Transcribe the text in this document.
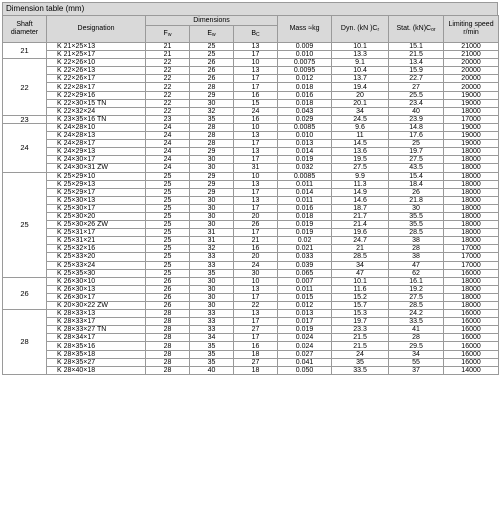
Dimension table (mm)
Shaft diameter	Designation	Dimensions			Mass ≈kg	Dyn. (kN )Cr	Stat. (kN)Cor	Limiting speed r/min
		Fw	Ew	BC				
21	K 21×25×13	21	25	13	0.009	10.1	15.1	21000
	K 21×25×17	21	25	17	0.010	13.3	21.5	21000
22	K 22×26×10	22	26	10	0.0075	9.1	13.4	20000
	K 22×26×13	22	26	13	0.0095	10.4	15.9	20000
	K 22×26×17	22	26	17	0.012	13.7	22.7	20000
	K 22×28×17	22	28	17	0.018	19.4	27	20000
	K 22×29×16	22	29	16	0.016	20	25.5	19000
	K 22×30×15 TN	22	30	15	0.018	20.1	23.4	19000
	K 22×32×24	22	32	24	0.043	34	40	18000
23	K 23×35×16 TN	23	35	16	0.029	24.5	23.9	17000
24	K 24×28×10	24	28	10	0.0085	9.6	14.8	19000
	K 24×28×13	24	28	13	0.010	11	17.6	19000
	K 24×28×17	24	28	17	0.013	14.5	25	19000
	K 24×29×13	24	29	13	0.014	13.6	19.7	18000
	K 24×30×17	24	30	17	0.019	19.5	27.5	18000
	K 24×30×31 ZW	24	30	31	0.032	27.5	43.5	18000
25	K 25×29×10	25	29	10	0.0085	9.9	15.4	18000
	K 25×29×13	25	29	13	0.011	11.3	18.4	18000
	K 25×29×17	25	29	17	0.014	14.9	26	18000
	K 25×30×13	25	30	13	0.011	14.6	21.8	18000
	K 25×30×17	25	30	17	0.016	18.7	30	18000
	K 25×30×20	25	30	20	0.018	21.7	35.5	18000
	K 25×30×26 ZW	25	30	26	0.019	21.4	35.5	18000
	K 25×31×17	25	31	17	0.019	19.6	28.5	18000
	K 25×31×21	25	31	21	0.02	24.7	38	18000
	K 25×32×16	25	32	16	0.021	21	28	17000
	K 25×33×20	25	33	20	0.033	28.5	38	17000
	K 25×33×24	25	33	24	0.039	34	47	17000
	K 25×35×30	25	35	30	0.065	47	62	16000
26	K 26×30×10	26	30	10	0.007	10.1	16.1	18000
	K 26×30×13	26	30	13	0.011	11.6	19.2	18000
	K 26×30×17	26	30	17	0.015	15.2	27.5	18000
	K 20×30×22 ZW	26	30	22	0.012	15.7	28.5	18000
28	K 28×33×13	28	33	13	0.013	15.3	24.2	16000
	K 28×33×17	28	33	17	0.017	19.7	33.5	16000
	K 28×33×27 TN	28	33	27	0.019	23.3	41	16000
	K 28×34×17	28	34	17	0.024	21.5	28	16000
	K 28×35×16	28	35	16	0.024	21.5	29.5	16000
	K 28×35×18	28	35	18	0.027	24	34	16000
	K 28×35×27	28	35	27	0.041	35	55	16000
	K 28×40×18	28	40	18	0.050	33.5	37	14000
